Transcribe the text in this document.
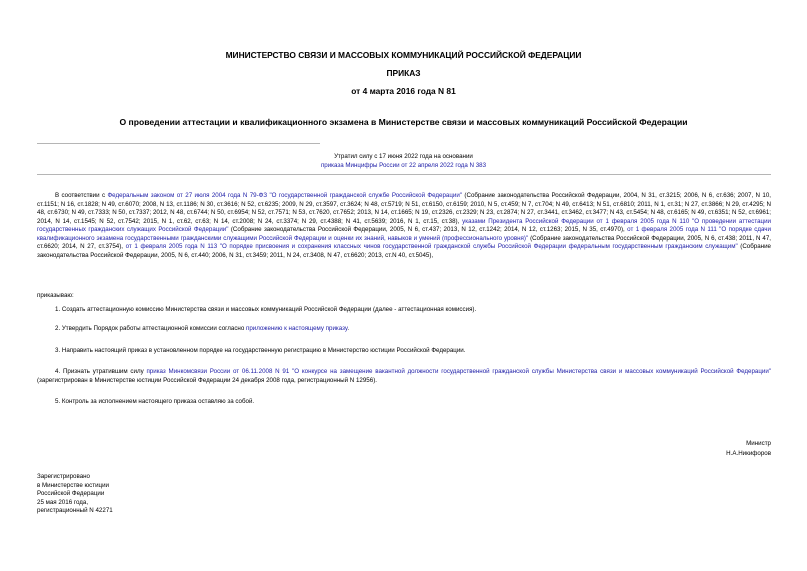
МИНИСТЕРСТВО СВЯЗИ И МАССОВЫХ КОММУНИКАЦИЙ РОССИЙСКОЙ ФЕДЕРАЦИИ
ПРИКАЗ
от 4 марта 2016 года N 81
О проведении аттестации и квалификационного экзамена в Министерстве связи и массовых коммуникаций Российской Федерации
Утратил силу с 17 июня 2022 года на основании
приказа Минцифры России от 22 апреля 2022 года N 383

В соответствии с Федеральным законом от 27 июля 2004 года N 79-ФЗ "О государственной гражданской службе Российской Федерации" (Собрание законодательства Российской Федерации, 2004, N 31, ст.3215; 2006, N 6, ст.636; 2007, N 10, ст.1151; N 16, ст.1828; N 49, ст.6070; 2008, N 13, ст.1186; N 30, ст.3616; N 52, ст.6235; 2009, N 29, ст.3597, ст.3624; N 48, ст.5719; N 51, ст.6150, ст.6159; 2010, N 5, ст.459; N 7, ст.704; N 49, ст.6413; N 51, ст.6810; 2011, N 1, ст.31; N 27, ст.3866; N 29, ст.4295; N 48, ст.6730; N 49, ст.7333; N 50, ст.7337; 2012, N 48, ст.6744; N 50, ст.6954; N 52, ст.7571; N 53, ст.7620, ст.7652; 2013, N 14, ст.1665; N 19, ст.2326, ст.2329; N 23, ст.2874; N 27, ст.3441, ст.3462, ст.3477; N 43, ст.5454; N 48, ст.6165; N 49, ст.6351; N 52, ст.6961; 2014, N 14, ст.1545; N 52, ст.7542; 2015, N 1, ст.62, ст.63; N 14, ст.2008; N 24, ст.3374; N 29, ст.4388; N 41, ст.5639; 2016, N 1, ст.15, ст.38), указами Президента Российской Федерации от 1 февраля 2005 года N 110 "О проведении аттестации государственных гражданских служащих Российской Федерации" (Собрание законодательства Российской Федерации, 2005, N 6, ст.437; 2013, N 12, ст.1242; 2014, N 12, ст.1263; 2015, N 35, ст.4970), от 1 февраля 2005 года N 111 "О порядке сдачи квалификационного экзамена государственными гражданскими служащими Российской Федерации и оценки их знаний, навыков и умений (профессионального уровня)" (Собрание законодательства Российской Федерации, 2005, N 6, ст.438; 2011, N 47, ст.6620; 2014, N 27, ст.3754), от 1 февраля 2005 года N 113 "О порядке присвоения и сохранения классных чинов государственной гражданской службы Российской Федерации федеральным государственным гражданским служащим" (Собрание законодательства Российской Федерации, 2005, N 6, ст.440; 2006, N 31, ст.3459; 2011, N 24, ст.3408, N 47, ст.6620; 2013, ст.N 40, ст.5045),

приказываю:
1. Создать аттестационную комиссию Министерства связи и массовых коммуникаций Российской Федерации (далее - аттестационная комиссия).
2. Утвердить Порядок работы аттестационной комиссии согласно приложению к настоящему приказу.
3. Направить настоящий приказ в установленном порядке на государственную регистрацию в Министерство юстиции Российской Федерации.
4. Признать утратившим силу приказ Минкомсвязи России от 06.11.2008 N 91 "О конкурсе на замещение вакантной должности государственной гражданской службы Министерства связи и массовых коммуникаций Российской Федерации" (зарегистрирован в Министерстве юстиции Российской Федерации 24 декабря 2008 года, регистрационный N 12956).
5. Контроль за исполнением настоящего приказа оставляю за собой.
Министр
Н.А.Никифоров
Зарегистрировано
в Министерстве юстиции
Российской Федерации
25 мая 2016 года,
регистрационный N 42271
